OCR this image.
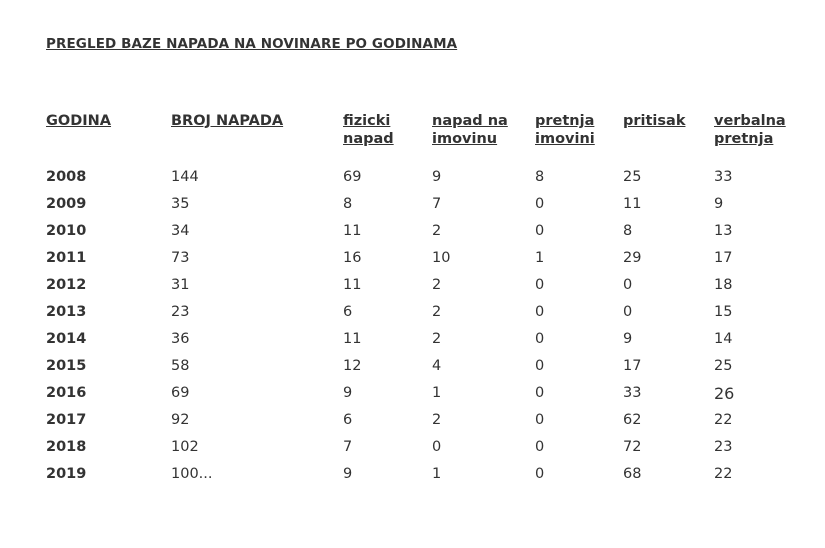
PREGLED BAZE NAPADA NA NOVINARE PO GODINAMA
GODINA	BROJ NAPADA	fizicki napad	napad na imovinu	pretnja imovini	pritisak	verbalna pretnja
2008	144	69	9	8	25	33
2009	35	8	7	0	11	9
2010	34	11	2	0	8	13
2011	73	16	10	1	29	17
2012	31	11	2	0	0	18
2013	23	6	2	0	0	15
2014	36	11	2	0	9	14
2015	58	12	4	0	17	25
2016	69	9	1	0	33	26
2017	92	6	2	0	62	22
2018	102	7	0	0	72	23
2019	100...	9	1	0	68	22
